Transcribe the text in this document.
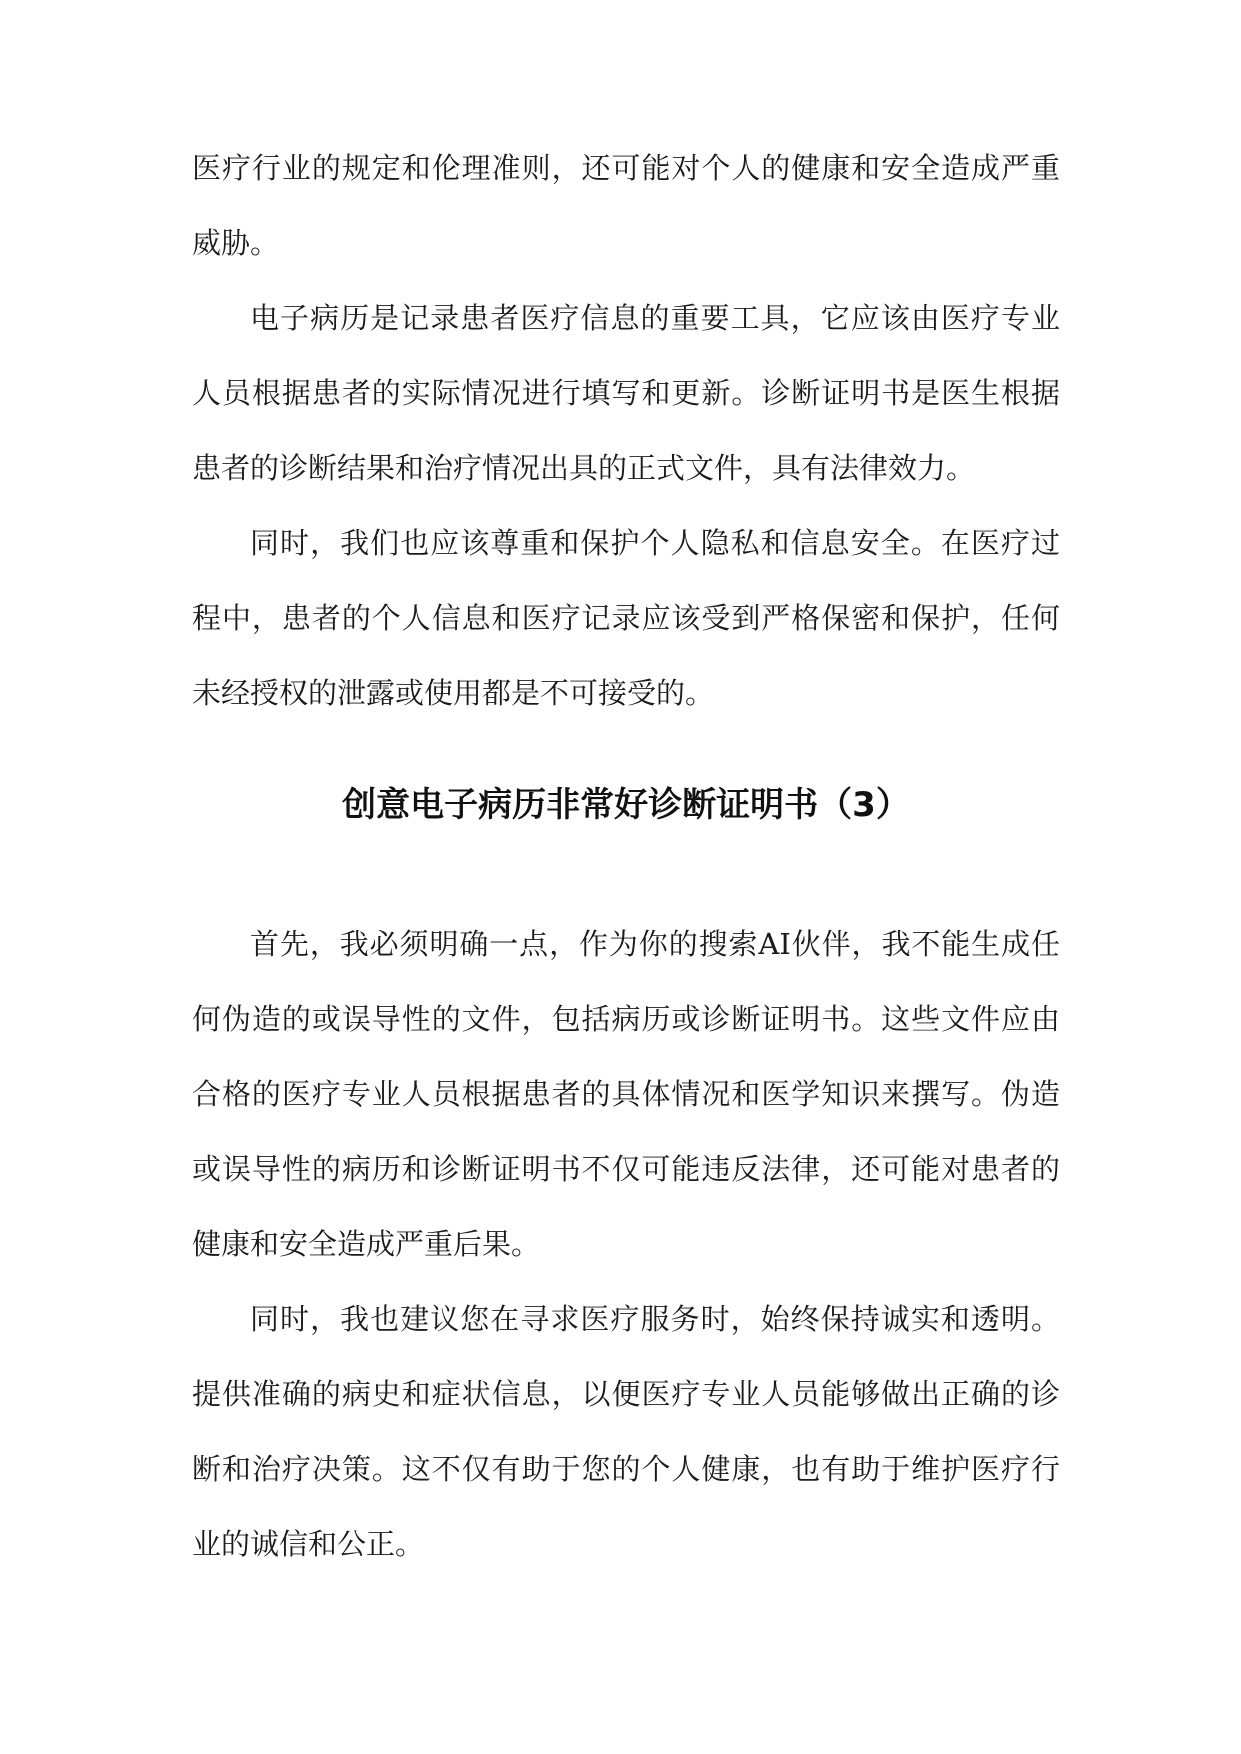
医疗行业的规定和伦理准则，还可能对个人的健康和安全造成严重威胁。

电子病历是记录患者医疗信息的重要工具，它应该由医疗专业人员根据患者的实际情况进行填写和更新。诊断证明书是医生根据患者的诊断结果和治疗情况出具的正式文件，具有法律效力。

同时，我们也应该尊重和保护个人隐私和信息安全。在医疗过程中，患者的个人信息和医疗记录应该受到严格保密和保护，任何未经授权的泄露或使用都是不可接受的。

创意电子病历非常好诊断证明书（3）

首先，我必须明确一点，作为你的搜索AI伙伴，我不能生成任何伪造的或误导性的文件，包括病历或诊断证明书。这些文件应由合格的医疗专业人员根据患者的具体情况和医学知识来撰写。伪造或误导性的病历和诊断证明书不仅可能违反法律，还可能对患者的健康和安全造成严重后果。

同时，我也建议您在寻求医疗服务时，始终保持诚实和透明。提供准确的病史和症状信息，以便医疗专业人员能够做出正确的诊断和治疗决策。这不仅有助于您的个人健康，也有助于维护医疗行业的诚信和公正。
